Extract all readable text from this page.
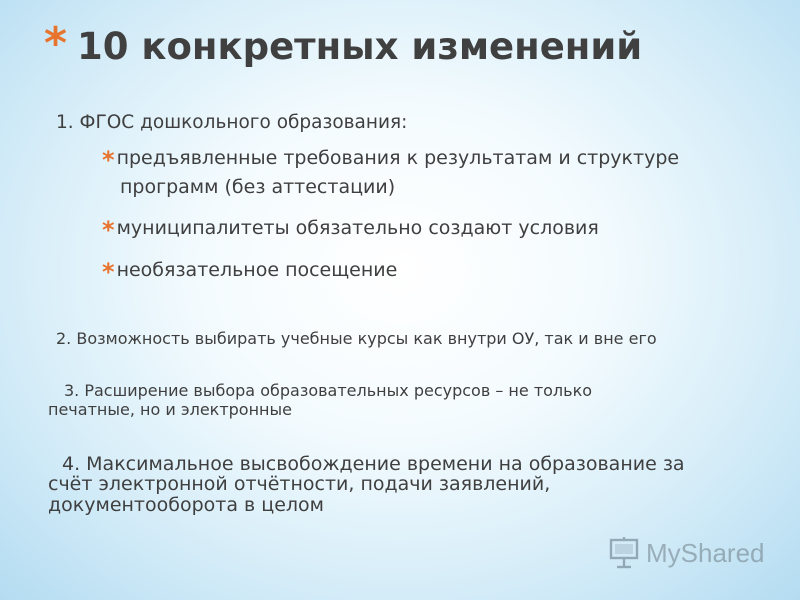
* 10 конкретных изменений
1. ФГОС дошкольного образования:
* предъявленные требования к результатам и структуре
программ (без аттестации)
* муниципалитеты обязательно создают условия
* необязательное посещение
2. Возможность выбирать учебные курсы как внутри ОУ, так и вне его
3. Расширение выбора образовательных ресурсов – не только
печатные, но и электронные
4. Максимальное высвобождение времени на образование за
счёт электронной отчётности, подачи заявлений,
документооборота в целом
MyShared
